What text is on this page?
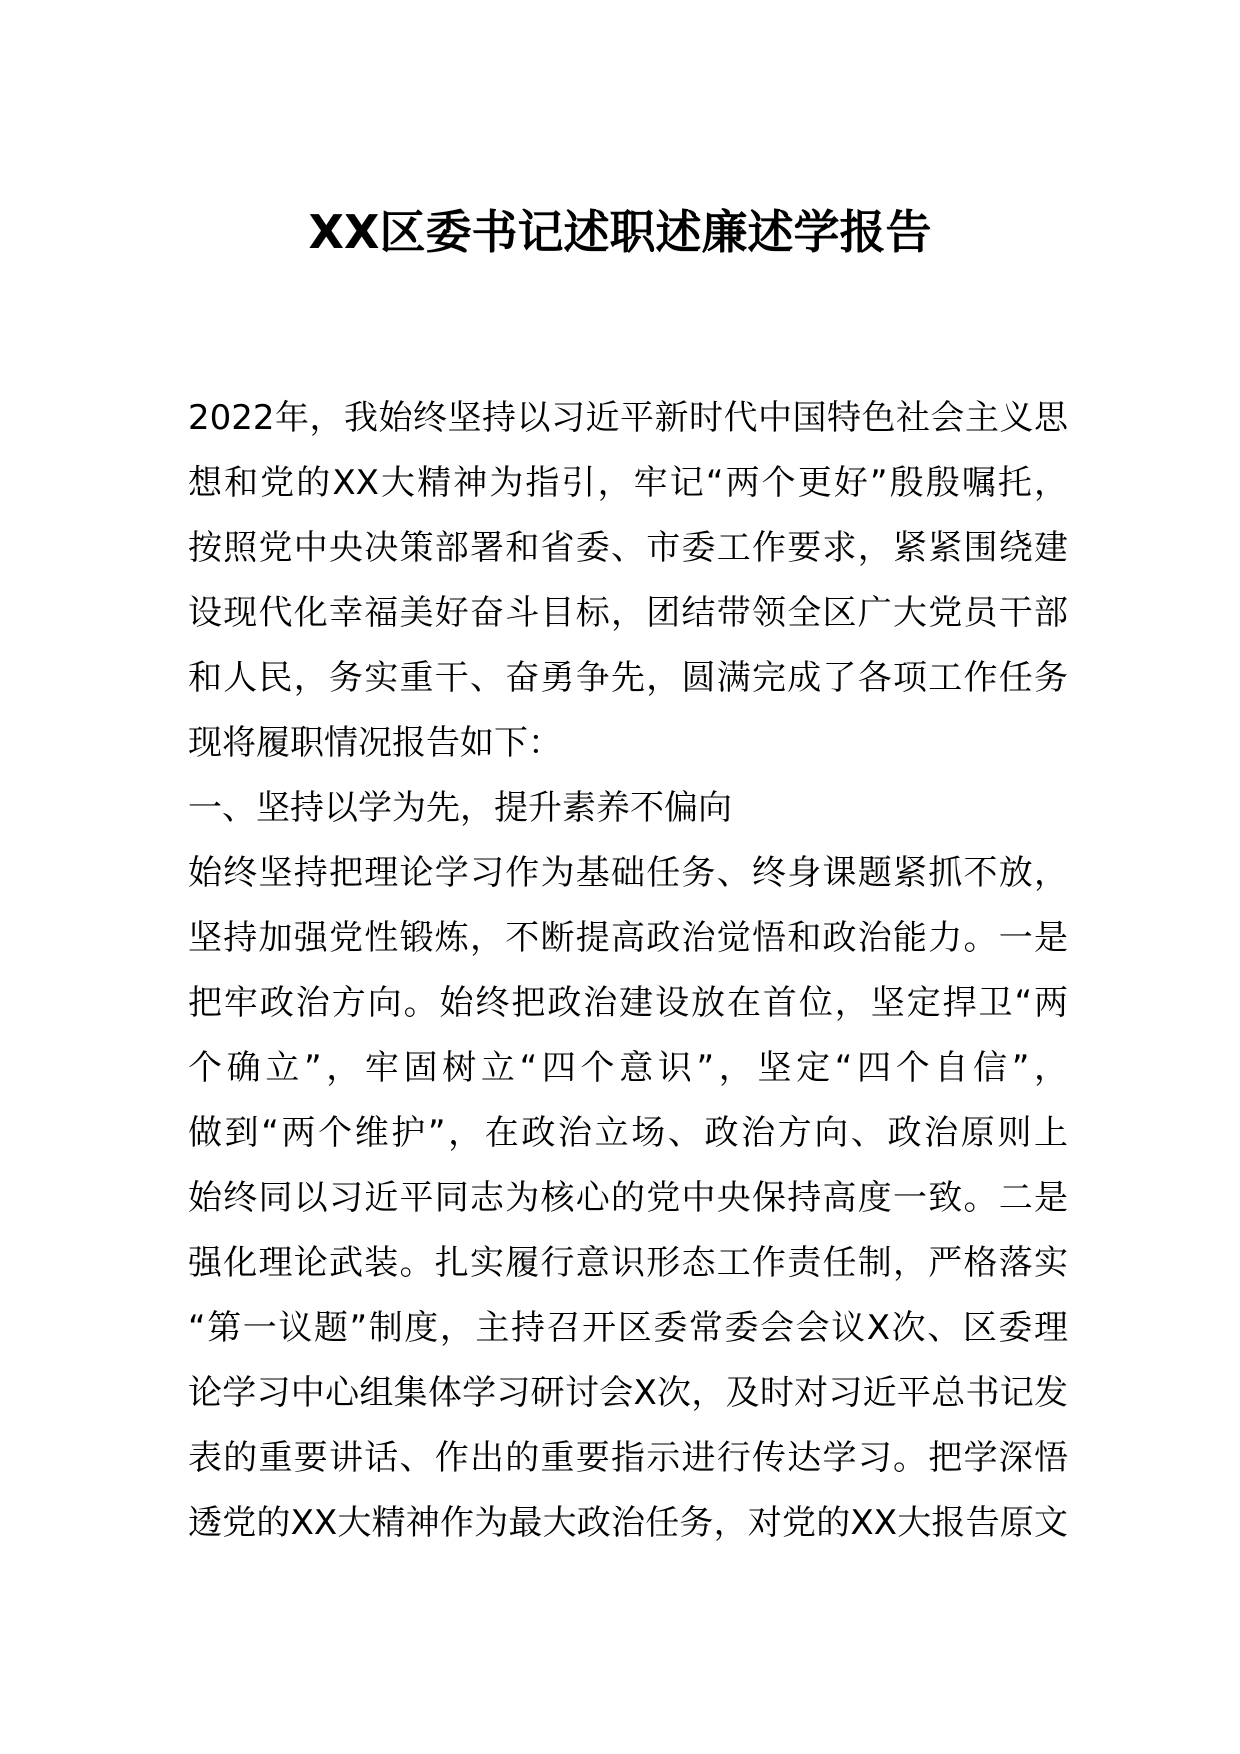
XX区委书记述职述廉述学报告
2022年，我始终坚持以习近平新时代中国特色社会主义思
想和党的XX大精神为指引，牢记“两个更好”殷殷嘱托，
按照党中央决策部署和省委、市委工作要求，紧紧围绕建
设现代化幸福美好奋斗目标，团结带领全区广大党员干部
和人民，务实重干、奋勇争先，圆满完成了各项工作任务
现将履职情况报告如下：
一、坚持以学为先，提升素养不偏向
始终坚持把理论学习作为基础任务、终身课题紧抓不放，
坚持加强党性锻炼，不断提高政治觉悟和政治能力。一是
把牢政治方向。始终把政治建设放在首位，坚定捍卫“两
个确立”，牢固树立“四个意识”，坚定“四个自信”，
做到“两个维护”，在政治立场、政治方向、政治原则上
始终同以习近平同志为核心的党中央保持高度一致。二是
强化理论武装。扎实履行意识形态工作责任制，严格落实
“第一议题”制度，主持召开区委常委会会议X次、区委理
论学习中心组集体学习研讨会X次，及时对习近平总书记发
表的重要讲话、作出的重要指示进行传达学习。把学深悟
透党的XX大精神作为最大政治任务，对党的XX大报告原文
